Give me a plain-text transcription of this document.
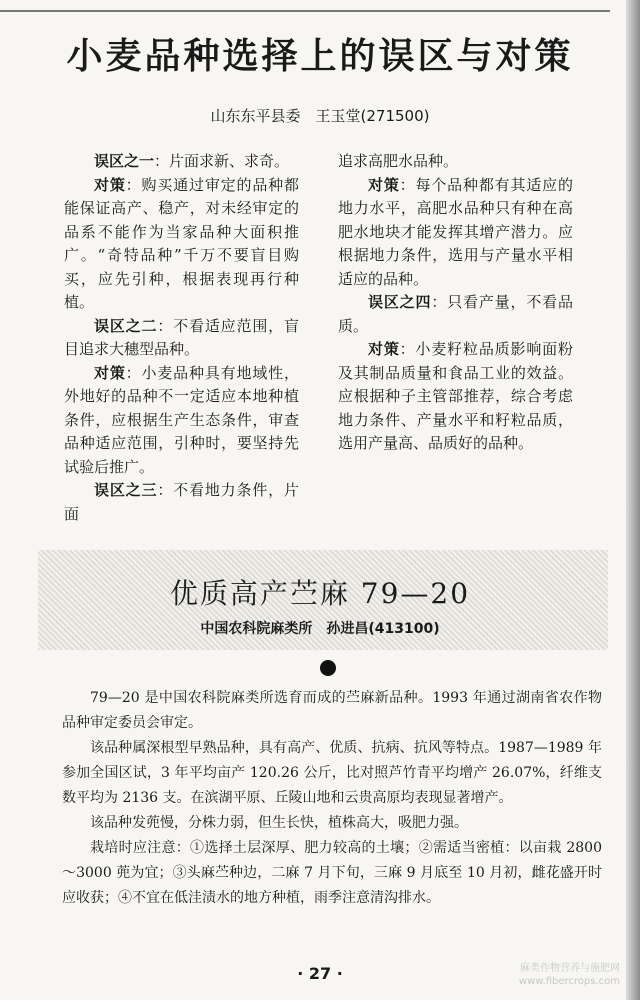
小麦品种选择上的误区与对策
山东东平县委　王玉堂(271500)

误区之一：片面求新、求奇。

对策：购买通过审定的品种都能保证高产、稳产，对未经审定的品系不能作为当家品种大面积推广。“奇特品种”千万不要盲目购买，应先引种，根据表现再行种植。

误区之二：不看适应范围，盲目追求大穗型品种。

对策：小麦品种具有地域性，外地好的品种不一定适应本地种植条件，应根据生产生态条件，审查品种适应范围，引种时，要坚持先试验后推广。

误区之三：不看地力条件，片面

追求高肥水品种。

对策：每个品种都有其适应的地力水平，高肥水品种只有种在高肥水地块才能发挥其增产潜力。应根据地力条件，选用与产量水平相适应的品种。

误区之四：只看产量，不看品质。

对策：小麦籽粒品质影响面粉及其制品质量和食品工业的效益。应根据种子主管部推荐，综合考虑地力条件、产量水平和籽粒品质，选用产量高、品质好的品种。

优质高产苎麻 79—20
中国农科院麻类所　孙进昌(413100)

79—20 是中国农科院麻类所选育而成的苎麻新品种。1993 年通过湖南省农作物品种审定委员会审定。

该品种属深根型早熟品种，具有高产、优质、抗病、抗风等特点。1987—1989 年参加全国区试，3 年平均亩产 120.26 公斤，比对照芦竹青平均增产 26.07%，纤维支数平均为 2136 支。在滨湖平原、丘陵山地和云贵高原均表现显著增产。

该品种发蔸慢，分株力弱，但生长快，植株高大，吸肥力强。

栽培时应注意：①选择土层深厚、肥力较高的土壤；②需适当密植：以亩栽 2800～3000 蔸为宜；③头麻苎种边，二麻 7 月下旬，三麻 9 月底至 10 月初，雌花盛开时应收获；④不宜在低洼渍水的地方种植，雨季注意清沟排水。

· 27 ·	麻类作物营养与施肥网
www.fibercrops.com
